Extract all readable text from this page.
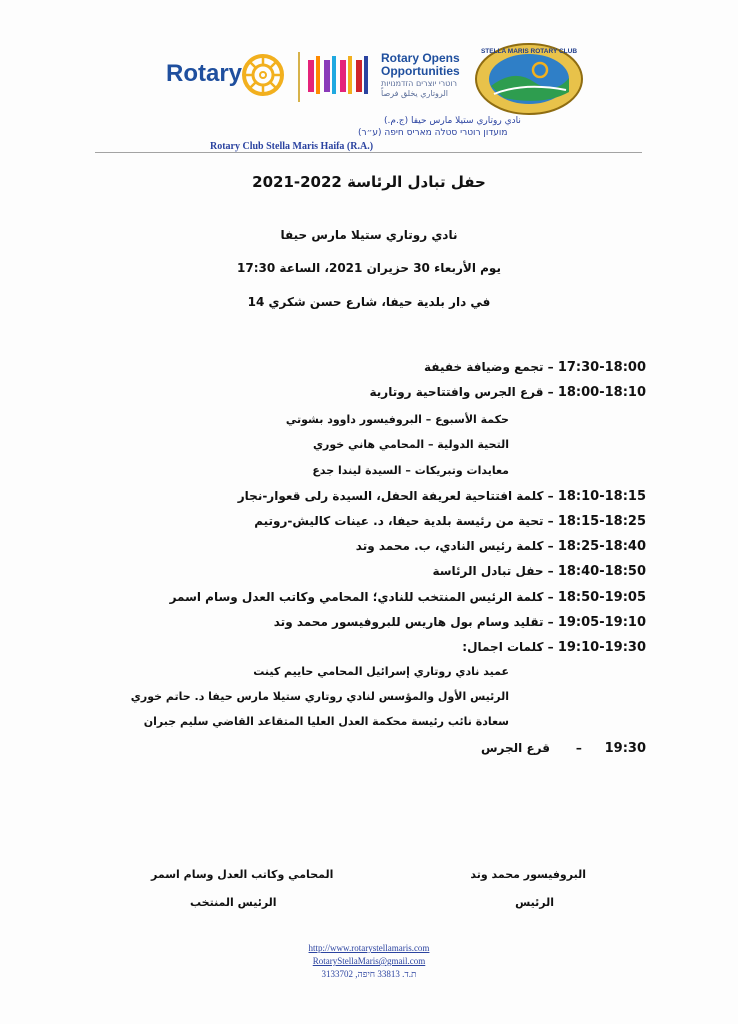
Rotary
Rotary Opens
Opportunities
רוטרי יוצרים הזדמנויות
الروتاري يخلق فرصاً
STELLA MARIS ROTARY CLUB
نادي روتاري ستيلا مارس حيفا (ج.م.)
מועדון רוטרי סטלה מאריס חיפה (ע״ר)
Rotary Club Stella Maris Haifa (R.A.)
حفل تبادل الرئاسة 2022-2021
نادي روتاري ستيلا مارس حيفا
يوم الأربعاء 30 حزيران 2021، الساعة 17:30
في دار بلدية حيفا، شارع حسن شكري 14
17:30-18:00 – تجمع وضيافة خفيفة
18:00-18:10 – قرع الجرس وافتتاحية روتارية
حكمة الأسبوع – البروفيسور داوود بشوتي
التحية الدولية – المحامي هاني خوري
معايدات وتبريكات – السيدة ليندا جدع
18:10-18:15 – كلمة افتتاحية لعريفة الحفل، السيدة رلى قعوار-نجار
18:15-18:25 – تحية من رئيسة بلدية حيفا، د. عينات كاليش-روتيم
18:25-18:40 – كلمة رئيس النادي، ب. محمد وتد
18:40-18:50 – حفل تبادل الرئاسة
18:50-19:05 – كلمة الرئيس المنتخب للنادي؛ المحامي وكاتب العدل وسام اسمر
19:05-19:10 – تقليد وسام بول هاريس للبروفيسور محمد وتد
19:10-19:30 – كلمات اجمال:
عميد نادي روتاري إسرائيل المحامي حاييم كينت
الرئيس الأول والمؤسس لنادي روتاري ستيلا مارس حيفا د. حاتم خوري
سعادة نائب رئيسة محكمة العدل العليا المتقاعد القاضي سليم جبران
قرع الجرس – 19:30
البروفيسور محمد وتد
الرئيس
المحامي وكاتب العدل وسام اسمر
الرئيس المنتخب
http://www.rotarystellamaris.com
RotaryStellaMaris@gmail.com
ת.ד. 33813 חיפה, 3133702
